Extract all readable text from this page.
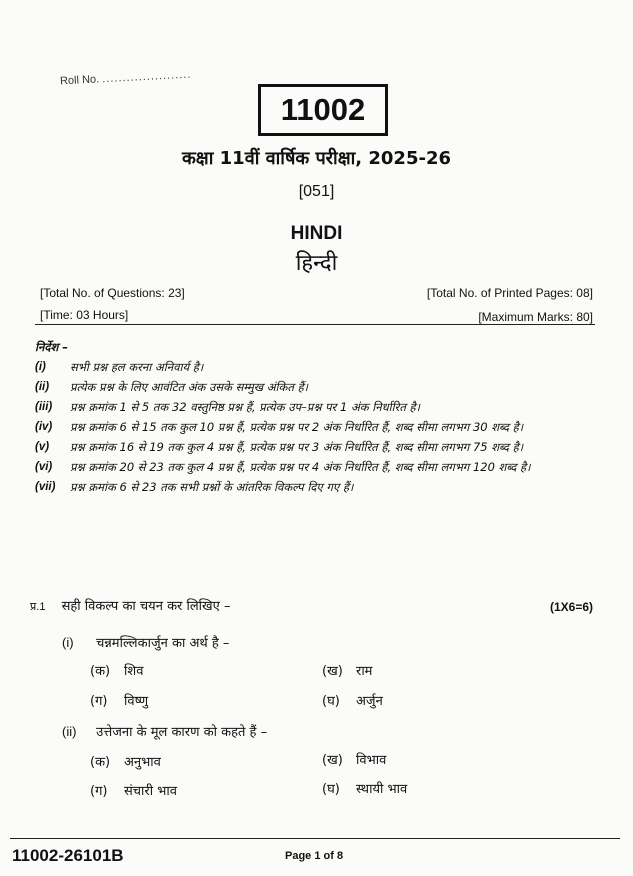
Roll No. ......................
11002
कक्षा 11वीं वार्षिक परीक्षा, 2025-26
[051]
HINDI
हिन्दी
[Total No. of Questions: 23]	[Total No. of Printed Pages: 08]
[Time: 03 Hours]	[Maximum Marks: 80]
निर्देश –
(i)	सभी प्रश्न हल करना अनिवार्य है।
(ii)	प्रत्येक प्रश्न के लिए आवंटित अंक उसके सम्मुख अंकित हैं।
(iii)	प्रश्न क्रमांक 1 से 5 तक 32 वस्तुनिष्ठ प्रश्न हैं, प्रत्येक उप–प्रश्न पर 1 अंक निर्धारित है।
(iv)	प्रश्न क्रमांक 6 से 15 तक कुल 10 प्रश्न हैं, प्रत्येक प्रश्न पर 2 अंक निर्धारित हैं, शब्द सीमा लगभग 30 शब्द है।
(v)	प्रश्न क्रमांक 16 से 19 तक कुल 4 प्रश्न हैं, प्रत्येक प्रश्न पर 3 अंक निर्धारित हैं, शब्द सीमा लगभग 75 शब्द है।
(vi)	प्रश्न क्रमांक 20 से 23 तक कुल 4 प्रश्न हैं, प्रत्येक प्रश्न पर 4 अंक निर्धारित हैं, शब्द सीमा लगभग 120 शब्द है।
(vii)	प्रश्न क्रमांक 6 से 23 तक सभी प्रश्नों के आंतरिक विकल्प दिए गए हैं।
प्र.1 सही विकल्प का चयन कर लिखिए –	(1X6=6)
(i) चन्नमल्लिकार्जुन का अर्थ है –
(क) शिव	(ख) राम
(ग) विष्णु	(घ) अर्जुन
(ii) उत्तेजना के मूल कारण को कहते हैं –
(क) अनुभाव	(ख) विभाव
(ग) संचारी भाव	(घ) स्थायी भाव
11002-26101B	Page 1 of 8
